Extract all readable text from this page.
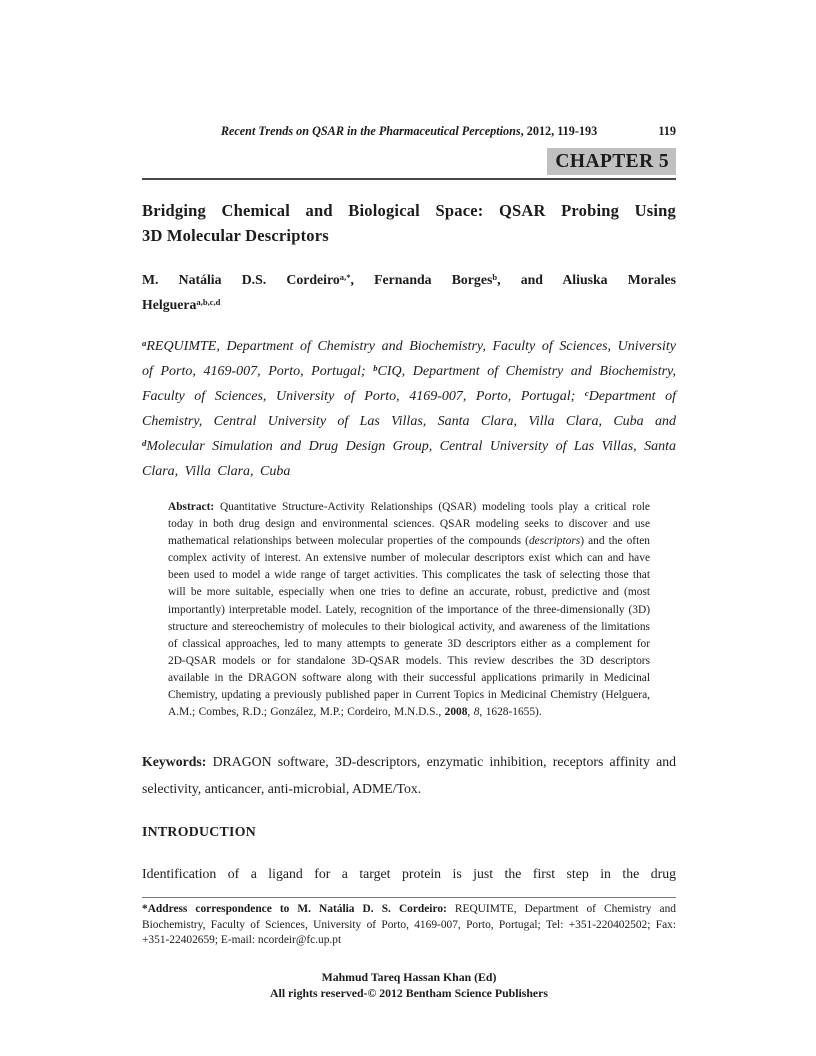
Recent Trends on QSAR in the Pharmaceutical Perceptions, 2012, 119-193	119
CHAPTER 5
Bridging Chemical and Biological Space: QSAR Probing Using
3D Molecular Descriptors
M. Natália D.S. Cordeiro$^{a,*}$, Fernanda Borges$^b$, and Aliuska Morales
Helguera$^{a,b,c,d}$

$^a$REQUIMTE, Department of Chemistry and Biochemistry, Faculty of Sciences, University of Porto, 4169-007, Porto, Portugal; $^b$CIQ, Department of Chemistry and Biochemistry, Faculty of Sciences, University of Porto, 4169-007, Porto, Portugal; $^c$Department of Chemistry, Central University of Las Villas, Santa Clara, Villa Clara, Cuba and $^d$Molecular Simulation and Drug Design Group, Central University of Las Villas, Santa Clara, Villa Clara, Cuba

Abstract: Quantitative Structure-Activity Relationships (QSAR) modeling tools play a critical role today in both drug design and environmental sciences. QSAR modeling seeks to discover and use mathematical relationships between molecular properties of the compounds (descriptors) and the often complex activity of interest. An extensive number of molecular descriptors exist which can and have been used to model a wide range of target activities. This complicates the task of selecting those that will be more suitable, especially when one tries to define an accurate, robust, predictive and (most importantly) interpretable model. Lately, recognition of the importance of the three-dimensionally (3D) structure and stereochemistry of molecules to their biological activity, and awareness of the limitations of classical approaches, led to many attempts to generate 3D descriptors either as a complement for 2D-QSAR models or for standalone 3D-QSAR models. This review describes the 3D descriptors available in the DRAGON software along with their successful applications primarily in Medicinal Chemistry, updating a previously published paper in Current Topics in Medicinal Chemistry (Helguera, A.M.; Combes, R.D.; González, M.P.; Cordeiro, M.N.D.S., 2008, 8, 1628-1655).

Keywords: DRAGON software, 3D-descriptors, enzymatic inhibition, receptors affinity and selectivity, anticancer, anti-microbial, ADME/Tox.

INTRODUCTION

Identification of a ligand for a target protein is just the first step in the drug

*Address correspondence to M. Natália D. S. Cordeiro: REQUIMTE, Department of Chemistry and Biochemistry, Faculty of Sciences, University of Porto, 4169-007, Porto, Portugal; Tel: +351-220402502; Fax: +351-22402659; E-mail: ncordeir@fc.up.pt

Mahmud Tareq Hassan Khan (Ed)
All rights reserved-© 2012 Bentham Science Publishers
